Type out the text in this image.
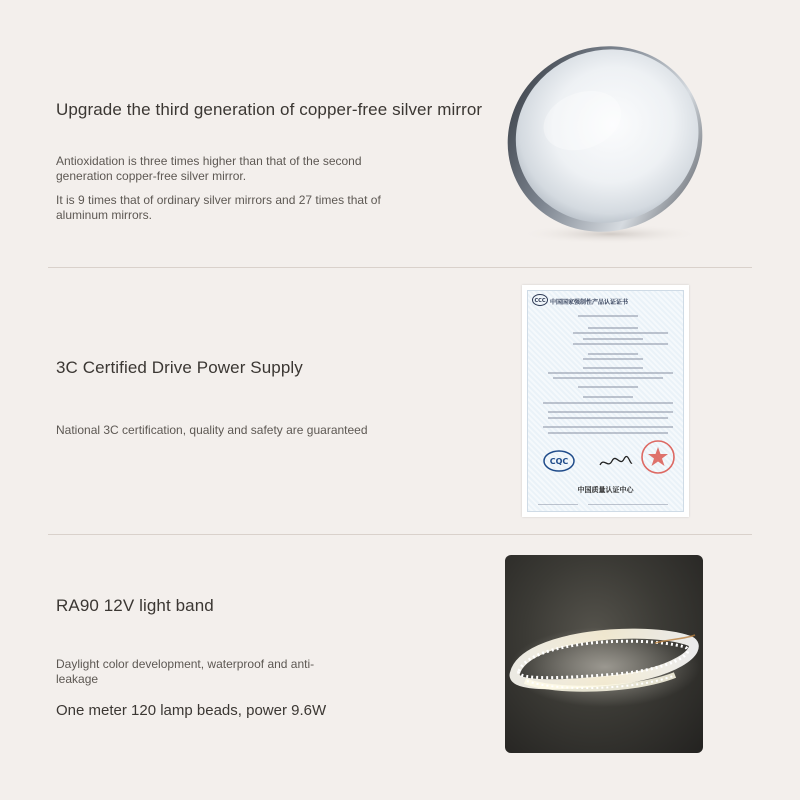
Upgrade the third generation of copper-free silver mirror
Antioxidation is three times higher than that of the second generation copper-free silver mirror.
It is 9 times that of ordinary silver mirrors and 27 times that of aluminum mirrors.
3C Certified Drive Power Supply
National 3C certification, quality and safety are guaranteed
CCC 中国国家强制性产品认证证书
CQC
中国质量认证中心
RA90 12V light band
Daylight color development, waterproof and anti-leakage
One meter 120 lamp beads, power 9.6W
